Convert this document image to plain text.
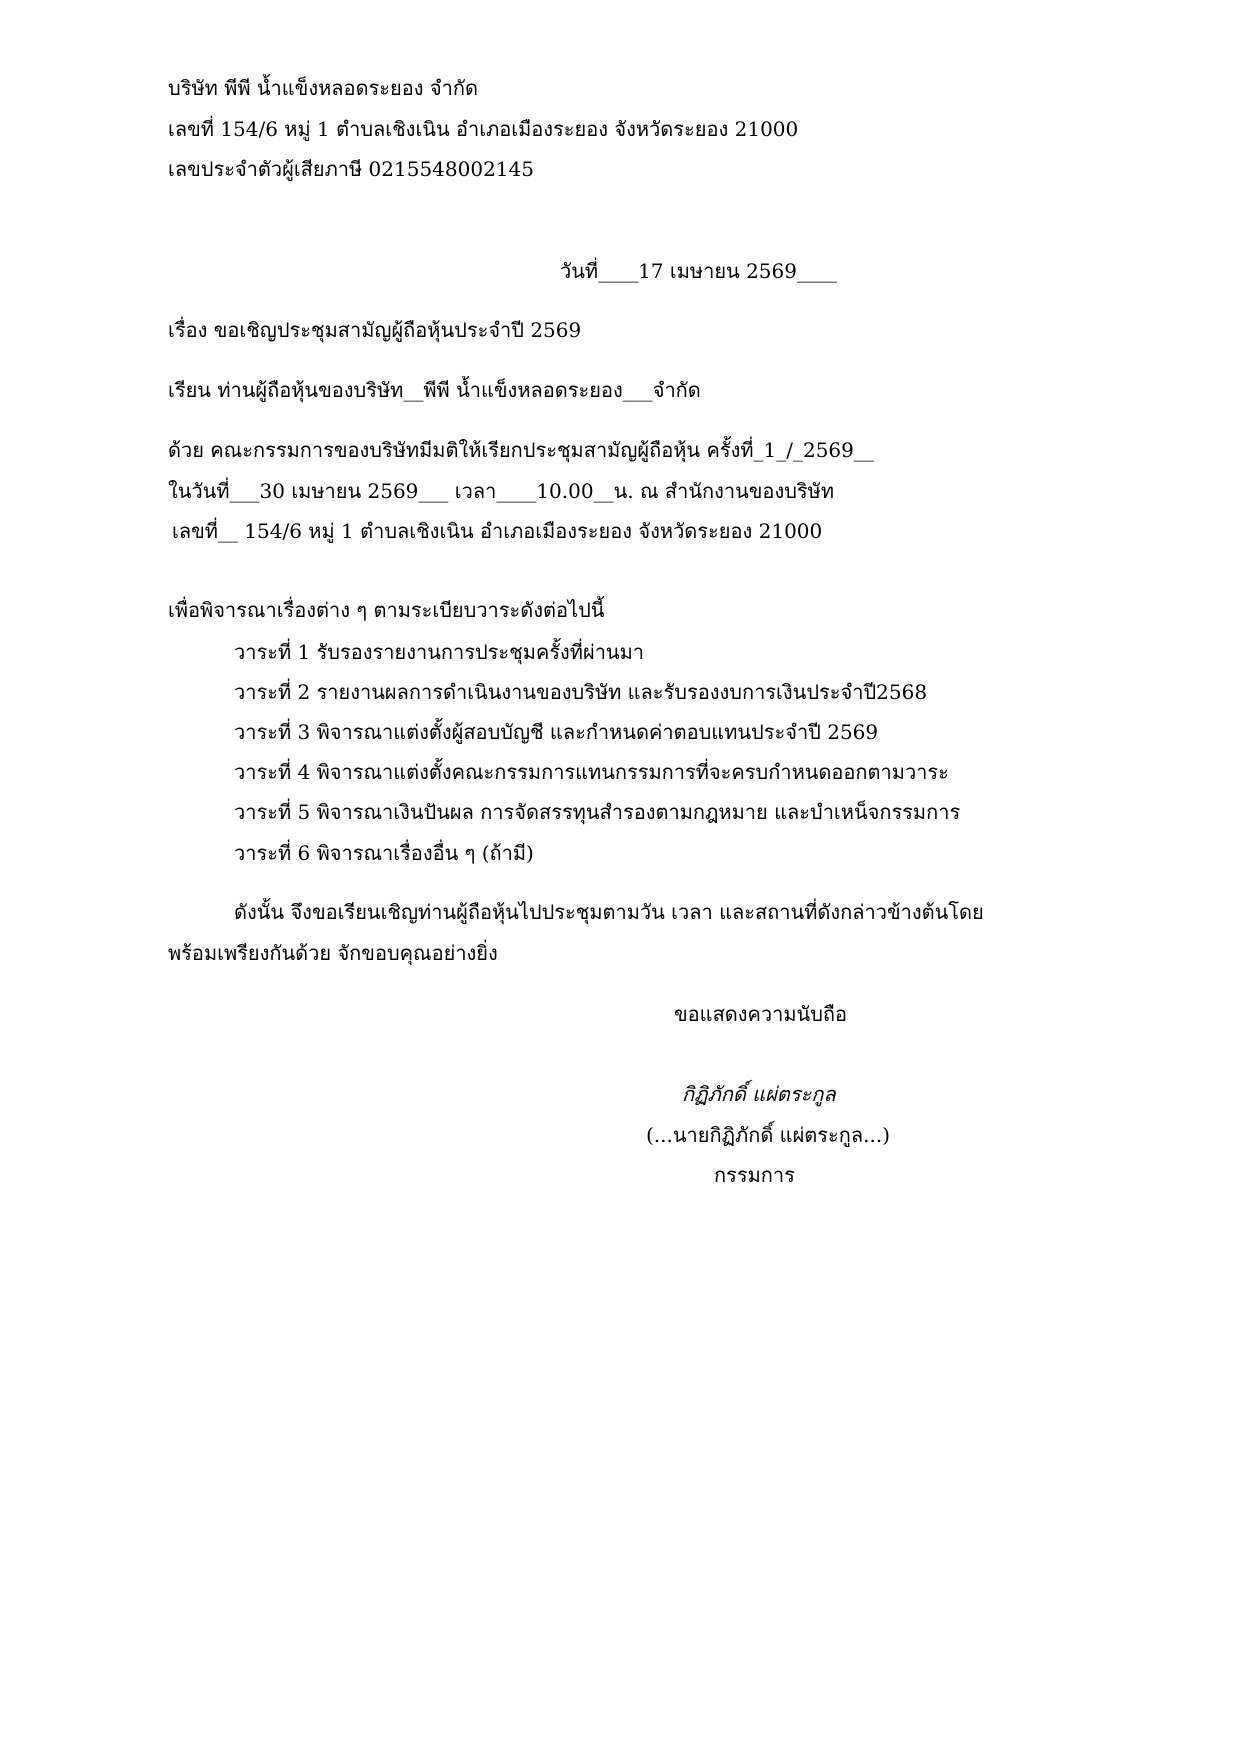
บริษัท พีพี น้ำแข็งหลอดระยอง จำกัด
เลขที่ 154/6 หมู่ 1 ตำบลเชิงเนิน อำเภอเมืองระยอง จังหวัดระยอง 21000
เลขประจำตัวผู้เสียภาษี 0215548002145
วันที่____17 เมษายน 2569____
เรื่อง ขอเชิญประชุมสามัญผู้ถือหุ้นประจำปี 2569
เรียน ท่านผู้ถือหุ้นของบริษัท__พีพี น้ำแข็งหลอดระยอง___จำกัด
ด้วย คณะกรรมการของบริษัทมีมติให้เรียกประชุมสามัญผู้ถือหุ้น ครั้งที่_1_/_2569__
ในวันที่___30 เมษายน 2569___ เวลา____10.00__น. ณ สำนักงานของบริษัท
เลขที่__ 154/6 หมู่ 1 ตำบลเชิงเนิน อำเภอเมืองระยอง จังหวัดระยอง 21000
เพื่อพิจารณาเรื่องต่าง ๆ ตามระเบียบวาระดังต่อไปนี้
วาระที่ 1 รับรองรายงานการประชุมครั้งที่ผ่านมา
วาระที่ 2 รายงานผลการดำเนินงานของบริษัท และรับรองงบการเงินประจำปี2568
วาระที่ 3 พิจารณาแต่งตั้งผู้สอบบัญชี และกำหนดค่าตอบแทนประจำปี 2569
วาระที่ 4 พิจารณาแต่งตั้งคณะกรรมการแทนกรรมการที่จะครบกำหนดออกตามวาระ
วาระที่ 5 พิจารณาเงินปันผล การจัดสรรทุนสำรองตามกฎหมาย และบำเหน็จกรรมการ
วาระที่ 6 พิจารณาเรื่องอื่น ๆ (ถ้ามี)
ดังนั้น จึงขอเรียนเชิญท่านผู้ถือหุ้นไปประชุมตามวัน เวลา และสถานที่ดังกล่าวข้างต้นโดย
พร้อมเพรียงกันด้วย จักขอบคุณอย่างยิ่ง
ขอแสดงความนับถือ
กิฏิภักดิ์ แผ่ตระกูล
(...นายกิฏิภักดิ์ แผ่ตระกูล...)
กรรมการ
